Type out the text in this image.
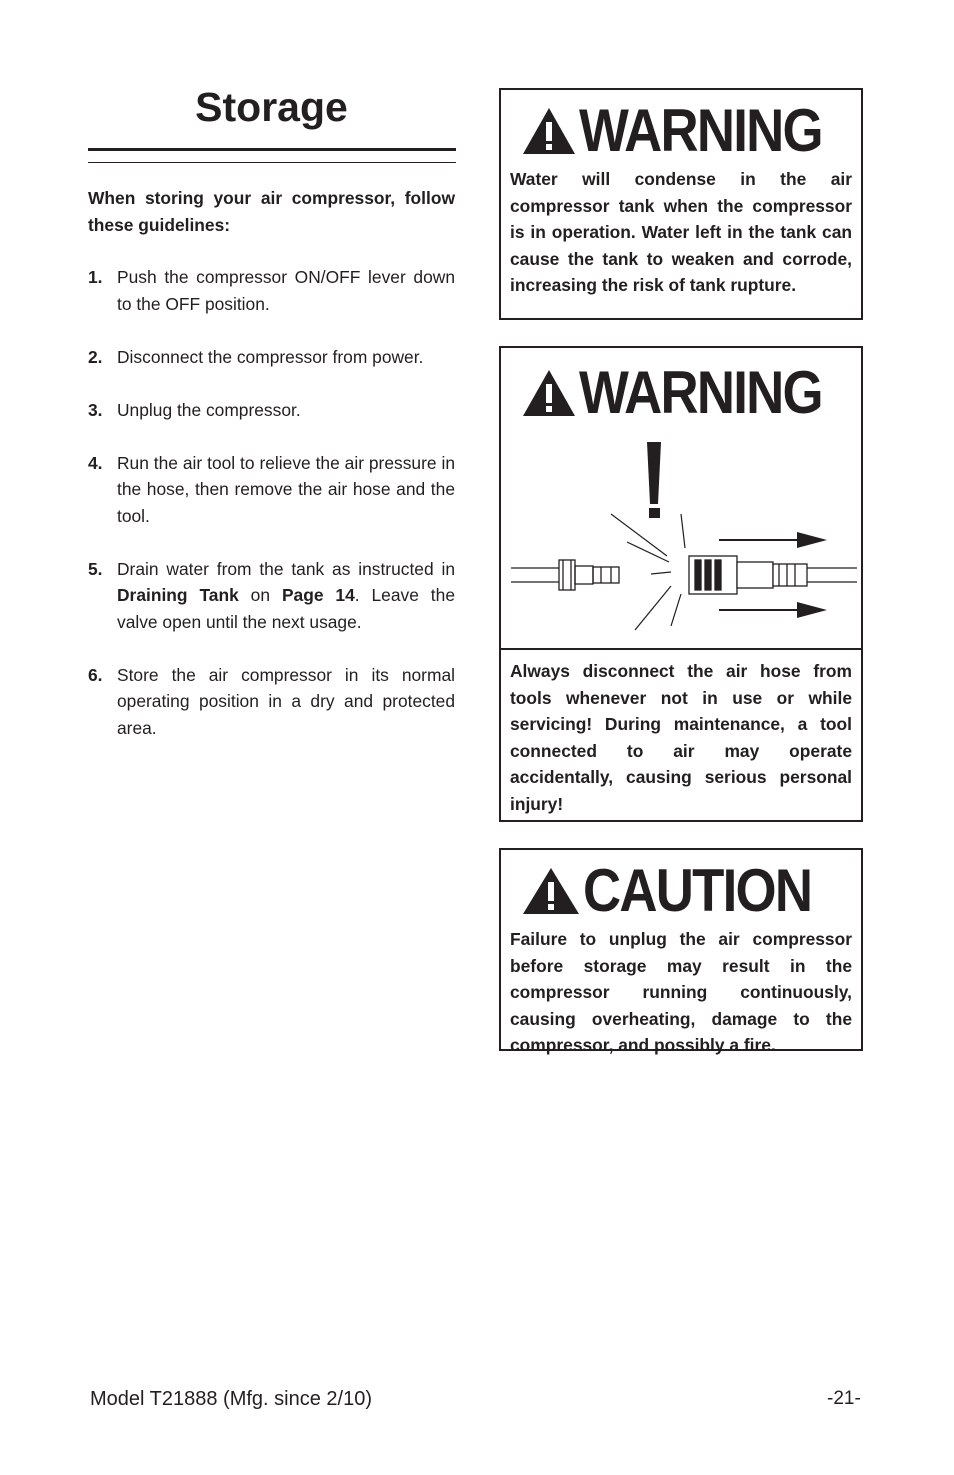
Storage
When storing your air compressor, follow these guidelines:
1. Push the compressor ON/OFF lever down to the OFF position.
2. Disconnect the compressor from power.
3. Unplug the compressor.
4. Run the air tool to relieve the air pressure in the hose, then remove the air hose and the tool.
5. Drain water from the tank as instructed in Draining Tank on Page 14. Leave the valve open until the next usage.
6. Store the air compressor in its normal operating position in a dry and protected area.
WARNING
Water will condense in the air compressor tank when the compressor is in operation. Water left in the tank can cause the tank to weaken and corrode, increasing the risk of tank rupture.
WARNING
Always disconnect the air hose from tools whenever not in use or while servicing! During maintenance, a tool connected to air may operate accidentally, causing serious personal injury!
CAUTION
Failure to unplug the air compressor before storage may result in the compressor running continuously, causing overheating, damage to the compressor, and possibly a fire.
Model T21888 (Mfg. since 2/10)	-21-
